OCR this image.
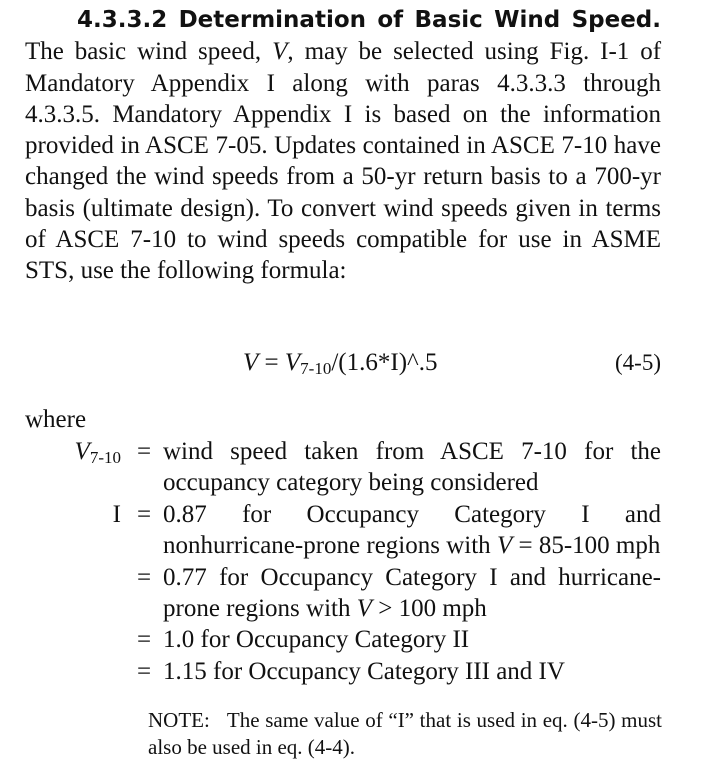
4.3.3.2 Determination of Basic Wind Speed. The basic wind speed, V, may be selected using Fig. I-1 of Mandatory Appendix I along with paras 4.3.3.3 through 4.3.3.5. Mandatory Appendix I is based on the information provided in ASCE 7-05. Updates contained in ASCE 7-10 have changed the wind speeds from a 50-yr return basis to a 700-yr basis (ultimate design). To convert wind speeds given in terms of ASCE 7-10 to wind speeds compatible for use in ASME STS, use the following formula:
$V = V_{7-10}/(1.6*I)\^{}.5$	(4-5)
where
$V_{7-10}$ = wind speed taken from ASCE 7-10 for the occupancy category being considered
I = 0.87 for Occupancy Category I and nonhurricane-prone regions with V = 85-100 mph
= 0.77 for Occupancy Category I and hurricane-prone regions with V > 100 mph
= 1.0 for Occupancy Category II
= 1.15 for Occupancy Category III and IV
NOTE: The same value of “I” that is used in eq. (4-5) must also be used in eq. (4-4).
